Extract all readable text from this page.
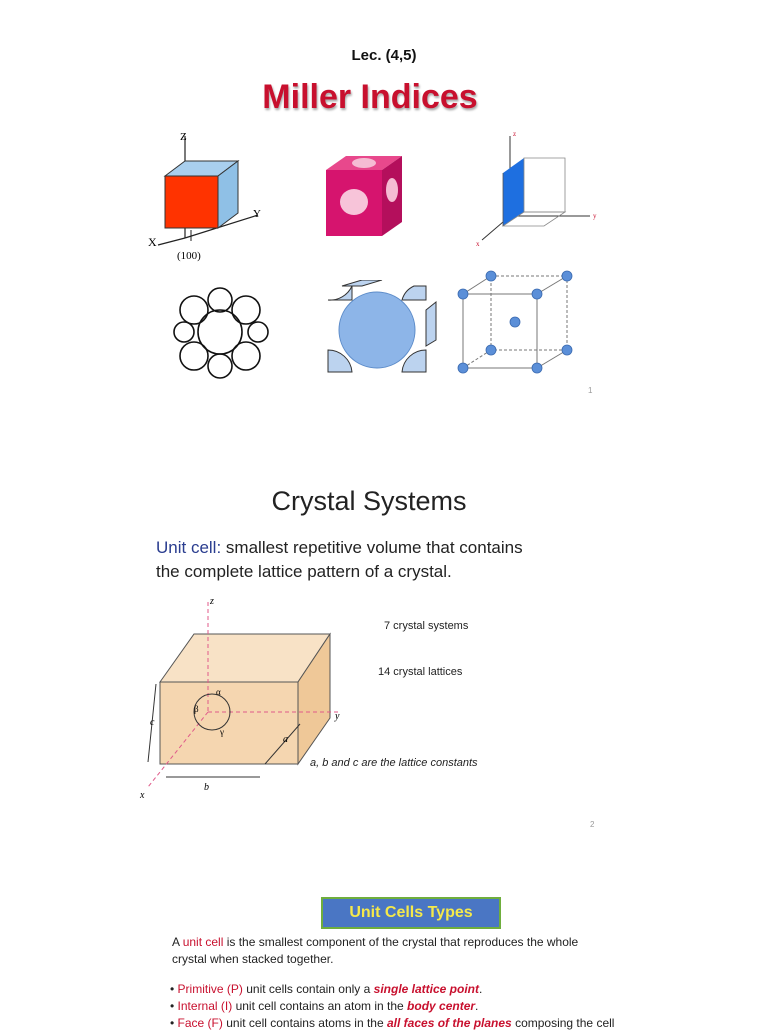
Lec. (4,5)
Miller Indices
Z
Y
X
(100)
z
y
x
1
Crystal Systems
Unit cell: smallest repetitive volume that contains
the complete lattice pattern of a crystal.
z
y
x
c
b
a
α
β
γ
7 crystal systems
14 crystal lattices
a, b and c are the lattice constants
2
Unit Cells Types
A unit cell is the smallest component of the crystal that reproduces the whole
crystal when stacked together.
• Primitive (P) unit cells contain only a single lattice point.
• Internal (I) unit cell contains an atom in the body center.
• Face (F) unit cell contains atoms in the all faces of the planes composing the cell
